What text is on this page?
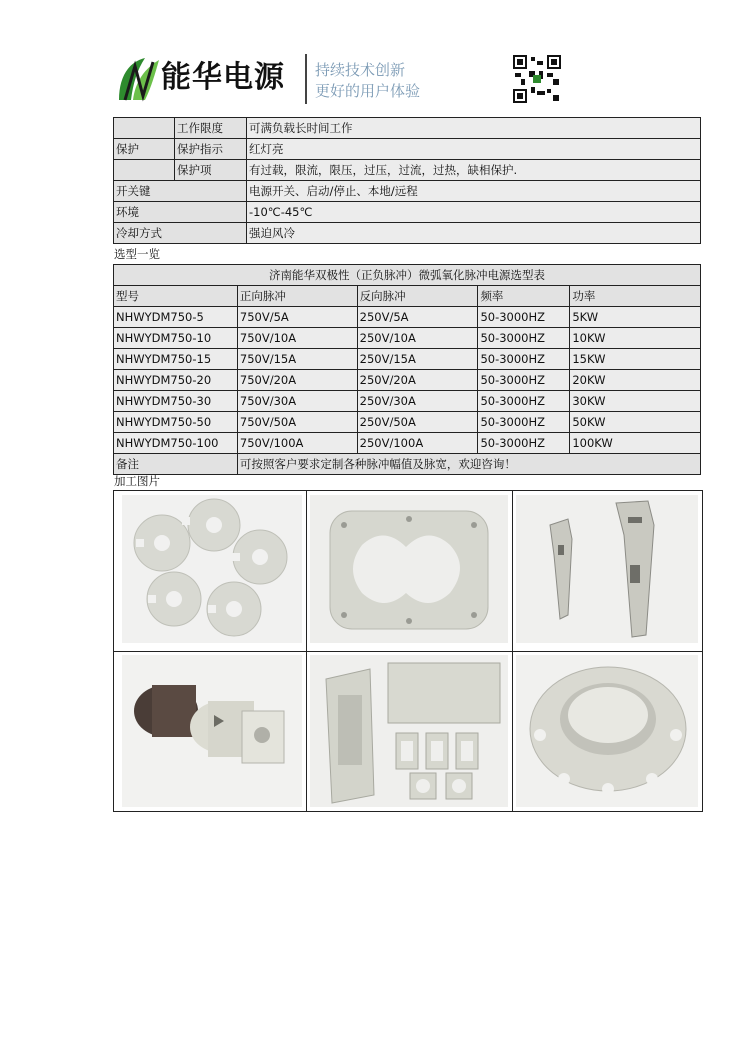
能华电源 持续技术创新
更好的用户体验
	工作限度	可满负载长时间工作
保护	保护指示	红灯亮
	保护项	有过载，限流，限压，过压，过流，过热，缺相保护.
开关键		电源开关、启动/停止、本地/远程
环境		-10℃-45℃
冷却方式		强迫风冷
选型一览
济南能华双极性（正负脉冲）微弧氧化脉冲电源选型表				
型号	正向脉冲	反向脉冲	频率	功率
NHWYDM750-5	750V/5A	250V/5A	50-3000HZ	5KW
NHWYDM750-10	750V/10A	250V/10A	50-3000HZ	10KW
NHWYDM750-15	750V/15A	250V/15A	50-3000HZ	15KW
NHWYDM750-20	750V/20A	250V/20A	50-3000HZ	20KW
NHWYDM750-30	750V/30A	250V/30A	50-3000HZ	30KW
NHWYDM750-50	750V/50A	250V/50A	50-3000HZ	50KW
NHWYDM750-100	750V/100A	250V/100A	50-3000HZ	100KW
备注	可按照客户要求定制各种脉冲幅值及脉宽，欢迎咨询！			
加工图片
